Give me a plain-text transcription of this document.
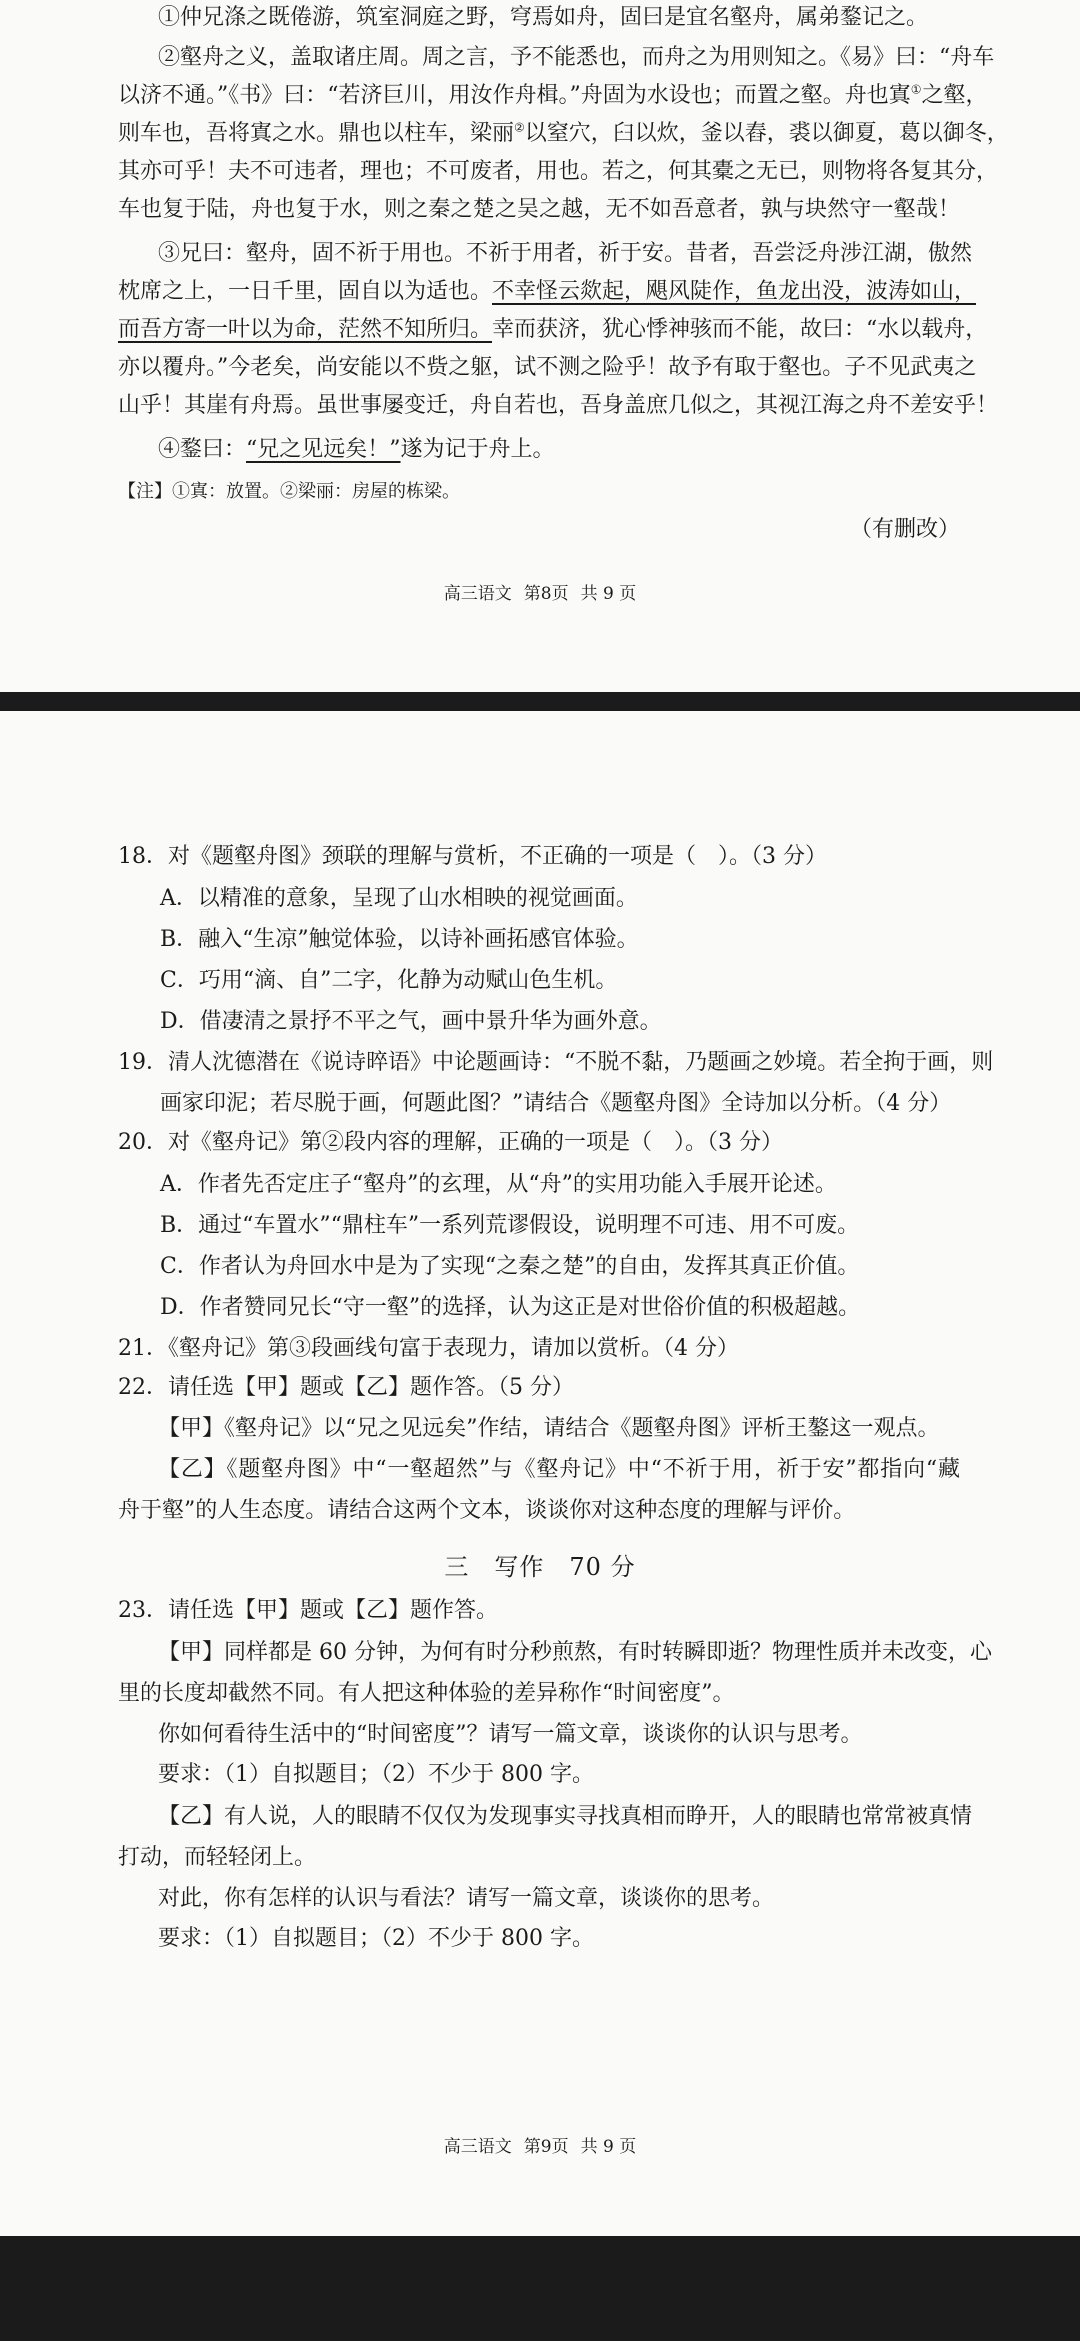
①仲兄涤之既倦游，筑室洞庭之野，穹焉如舟，固曰是宜名壑舟，属弟鍪记之。
②壑舟之义，盖取诸庄周。周之言，予不能悉也，而舟之为用则知之。《易》曰：“舟车
以济不通。”《书》曰：“若济巨川，用汝作舟楫。”舟固为水设也；而置之壑。舟也寘①之壑，
则车也，吾将寘之水。鼎也以柱车，梁丽②以窒穴，臼以炊，釜以舂，裘以御夏，葛以御冬，
其亦可乎！夫不可违者，理也；不可废者，用也。若之，何其橐之无已，则物将各复其分，
车也复于陆，舟也复于水，则之秦之楚之吴之越，无不如吾意者，孰与块然守一壑哉！
③兄曰：壑舟，固不祈于用也。不祈于用者，祈于安。昔者，吾尝泛舟涉江湖，傲然
枕席之上，一日千里，固自以为适也。不幸怪云欻起，飓风陡作，鱼龙出没，波涛如山，
而吾方寄一叶以为命，茫然不知所归。幸而获济，犹心悸神骇而不能，故曰：“水以载舟，
亦以覆舟。”今老矣，尚安能以不赀之躯，试不测之险乎！故予有取于壑也。子不见武夷之
山乎！其崖有舟焉。虽世事屡变迁，舟自若也，吾身盖庶几似之，其视江海之舟不差安乎！
④鍪曰：“兄之见远矣！”遂为记于舟上。
【注】①寘：放置。②梁丽：房屋的栋梁。
（有删改）
高三语文 第8页 共 9 页
18．对《题壑舟图》颈联的理解与赏析，不正确的一项是（　）。（3 分）
A．以精准的意象，呈现了山水相映的视觉画面。
B．融入“生凉”触觉体验，以诗补画拓感官体验。
C．巧用“滴、自”二字，化静为动赋山色生机。
D．借凄清之景抒不平之气，画中景升华为画外意。
19．清人沈德潜在《说诗晬语》中论题画诗：“不脱不黏，乃题画之妙境。若全拘于画，则
画家印泥；若尽脱于画，何题此图？”请结合《题壑舟图》全诗加以分析。（4 分）
20．对《壑舟记》第②段内容的理解，正确的一项是（　）。（3 分）
A．作者先否定庄子“壑舟”的玄理，从“舟”的实用功能入手展开论述。
B．通过“车置水”“鼎柱车”一系列荒谬假设，说明理不可违、用不可废。
C．作者认为舟回水中是为了实现“之秦之楚”的自由，发挥其真正价值。
D．作者赞同兄长“守一壑”的选择，认为这正是对世俗价值的积极超越。
21．《壑舟记》第③段画线句富于表现力，请加以赏析。（4 分）
22．请任选【甲】题或【乙】题作答。（5 分）
【甲】《壑舟记》以“兄之见远矣”作结，请结合《题壑舟图》评析王鏊这一观点。
【乙】《题壑舟图》中“一壑超然”与《壑舟记》中“不祈于用，祈于安”都指向“藏
舟于壑”的人生态度。请结合这两个文本，谈谈你对这种态度的理解与评价。
三　写作　70 分
23．请任选【甲】题或【乙】题作答。
【甲】同样都是 60 分钟，为何有时分秒煎熬，有时转瞬即逝？物理性质并未改变，心
里的长度却截然不同。有人把这种体验的差异称作“时间密度”。
你如何看待生活中的“时间密度”？请写一篇文章，谈谈你的认识与思考。
要求：（1）自拟题目；（2）不少于 800 字。
【乙】有人说，人的眼睛不仅仅为发现事实寻找真相而睁开，人的眼睛也常常被真情
打动，而轻轻闭上。
对此，你有怎样的认识与看法？请写一篇文章，谈谈你的思考。
要求：（1）自拟题目；（2）不少于 800 字。
高三语文 第9页 共 9 页
